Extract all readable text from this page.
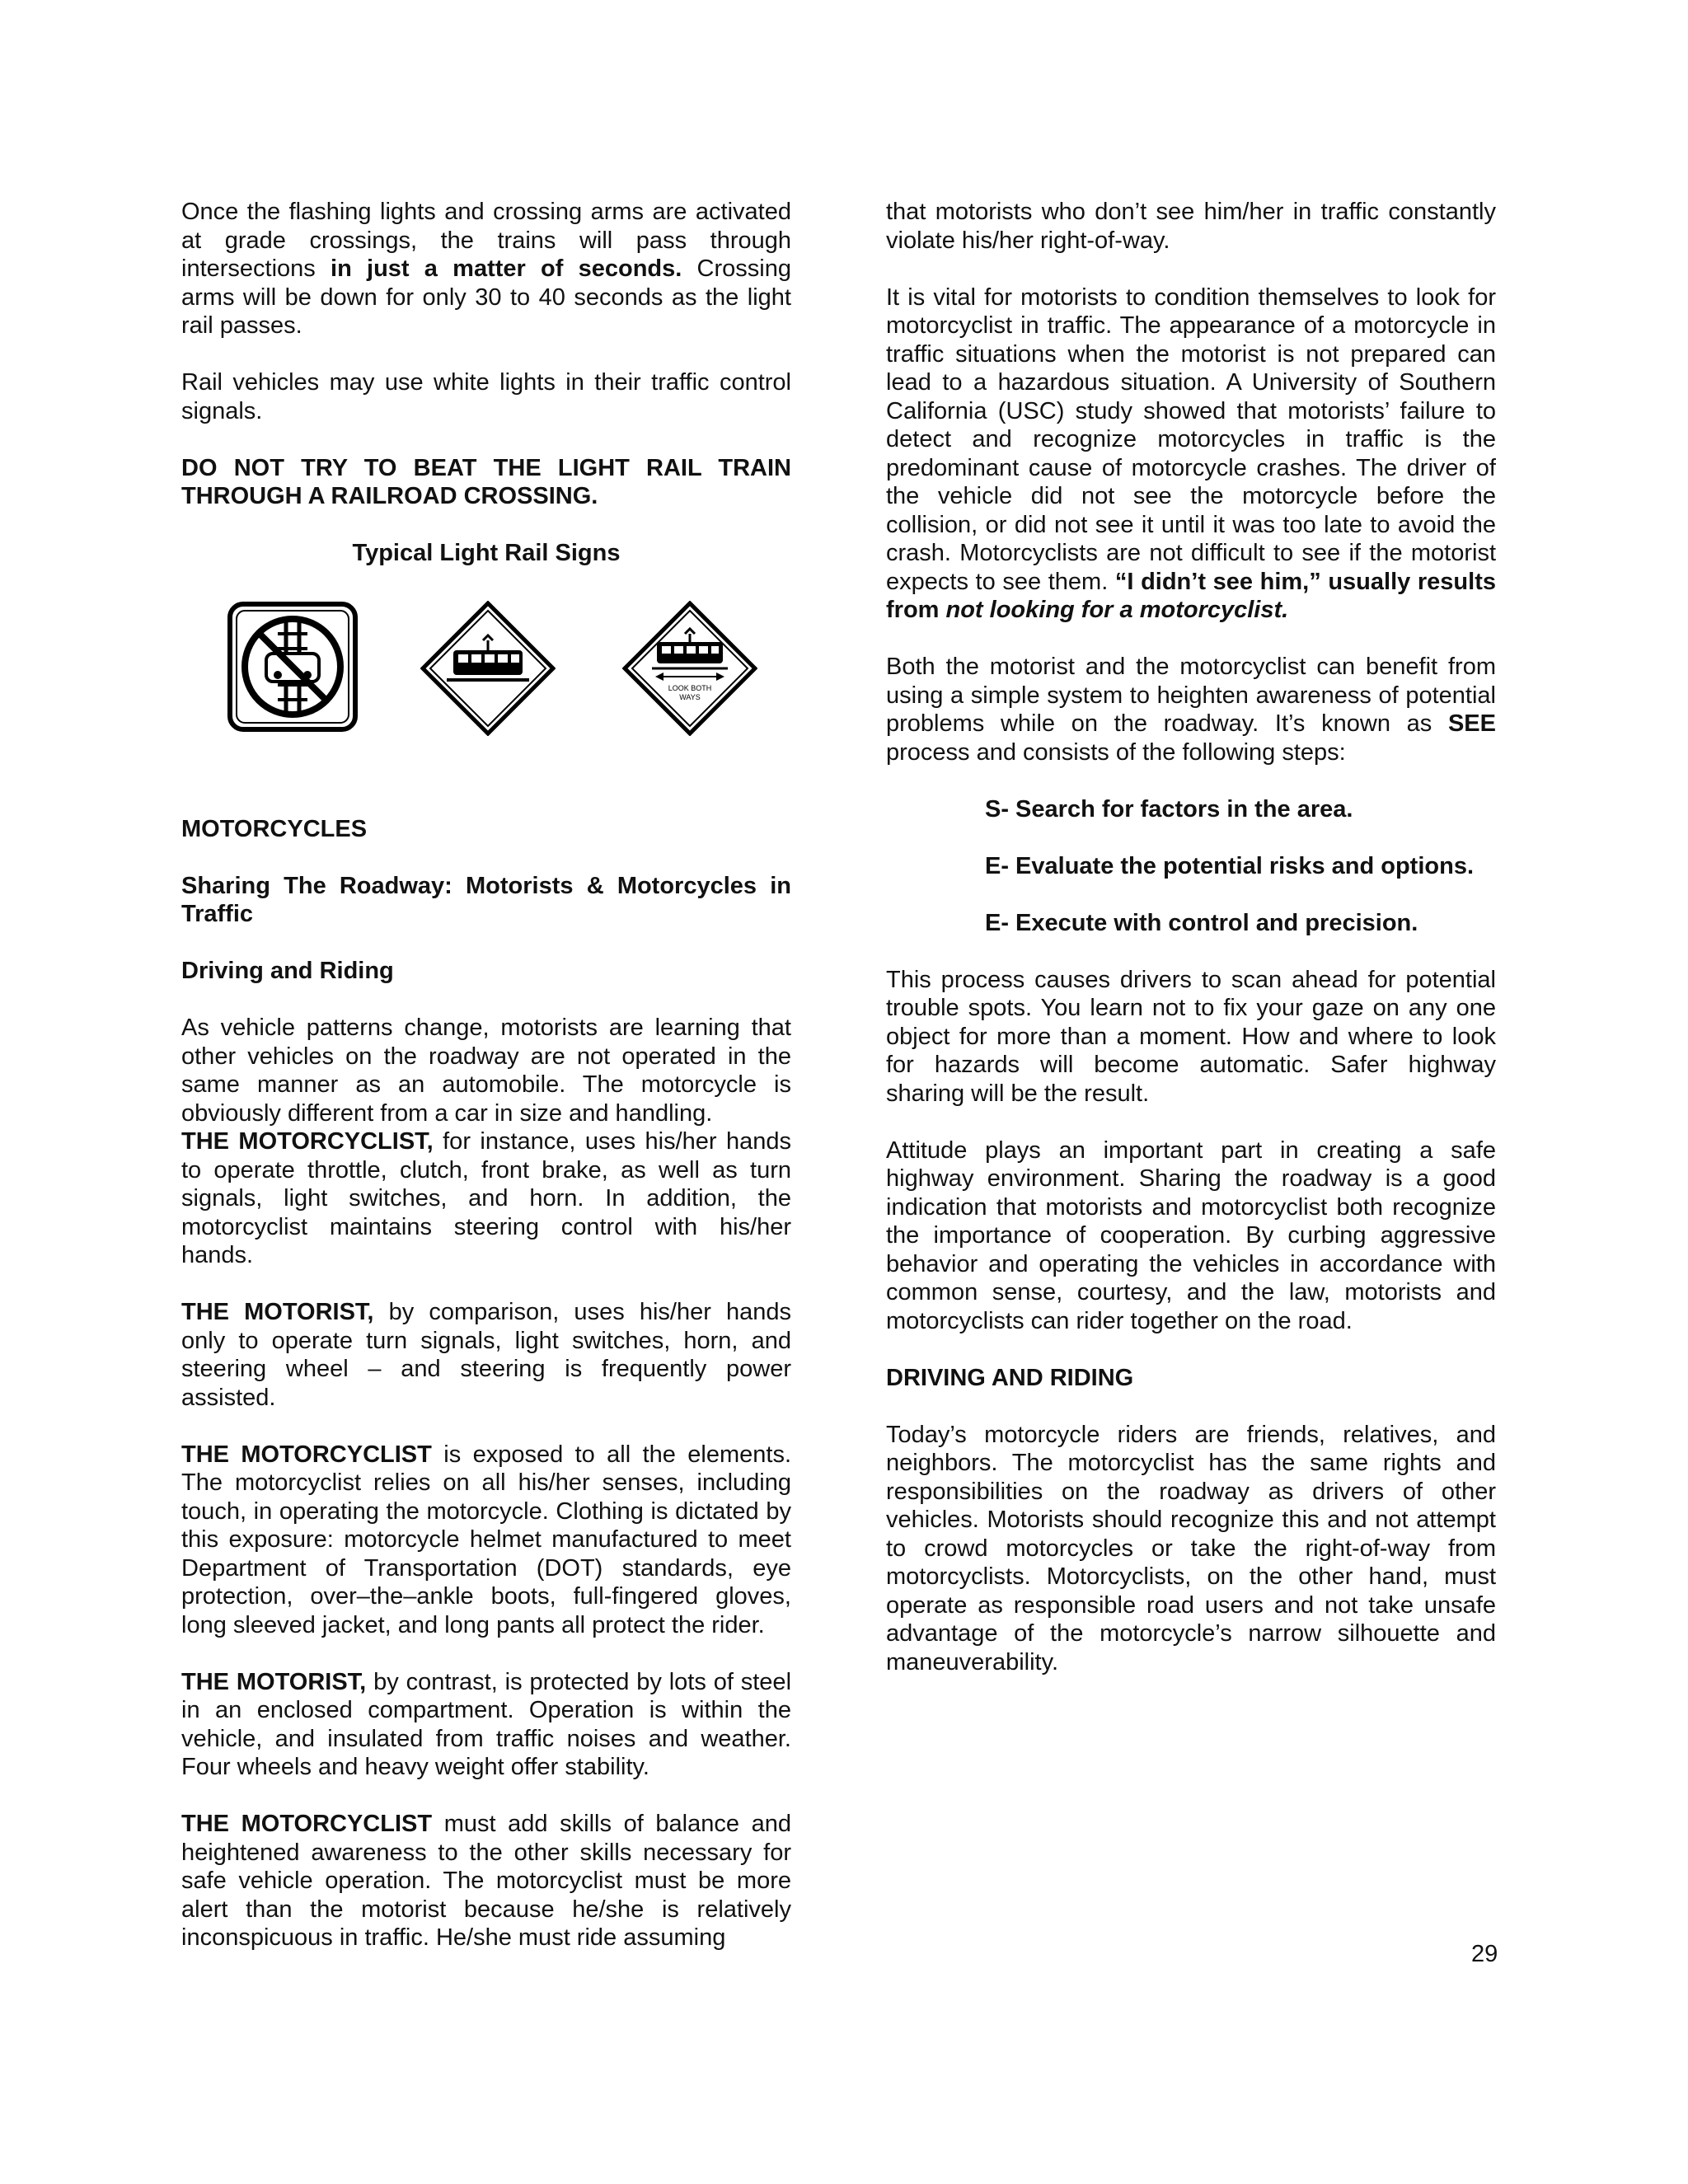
Once the flashing lights and crossing arms are activated at grade crossings, the trains will pass through intersections in just a matter of seconds. Crossing arms will be down for only 30 to 40 seconds as the light rail passes.

Rail vehicles may use white lights in their traffic control signals.

DO NOT TRY TO BEAT THE LIGHT RAIL TRAIN THROUGH A RAILROAD CROSSING.

Typical Light Rail Signs

LOOK BOTH
WAYS

MOTORCYCLES

Sharing The Roadway: Motorists & Motorcycles in Traffic

Driving and Riding

As vehicle patterns change, motorists are learning that other vehicles on the roadway are not operated in the same manner as an automobile. The motorcycle is obviously different from a car in size and handling.

THE MOTORCYCLIST, for instance, uses his/her hands to operate throttle, clutch, front brake, as well as turn signals, light switches, and horn. In addition, the motorcyclist maintains steering control with his/her hands.

THE MOTORIST, by comparison, uses his/her hands only to operate turn signals, light switches, horn, and steering wheel – and steering is frequently power assisted.

THE MOTORCYCLIST is exposed to all the elements. The motorcyclist relies on all his/her senses, including touch, in operating the motorcycle. Clothing is dictated by this exposure: motorcycle helmet manufactured to meet Department of Transportation (DOT) standards, eye protection, over–the–ankle boots, full-fingered gloves, long sleeved jacket, and long pants all protect the rider.

THE MOTORIST, by contrast, is protected by lots of steel in an enclosed compartment. Operation is within the vehicle, and insulated from traffic noises and weather. Four wheels and heavy weight offer stability.

THE MOTORCYCLIST must add skills of balance and heightened awareness to the other skills necessary for safe vehicle operation. The motorcyclist must be more alert than the motorist because he/she is relatively inconspicuous in traffic. He/she must ride assuming

that motorists who don’t see him/her in traffic constantly violate his/her right-of-way.

It is vital for motorists to condition themselves to look for motorcyclist in traffic. The appearance of a motorcycle in traffic situations when the motorist is not prepared can lead to a hazardous situation. A University of Southern California (USC) study showed that motorists’ failure to detect and recognize motorcycles in traffic is the predominant cause of motorcycle crashes. The driver of the vehicle did not see the motorcycle before the collision, or did not see it until it was too late to avoid the crash. Motorcyclists are not difficult to see if the motorist expects to see them. “I didn’t see him,” usually results from not looking for a motorcyclist.

Both the motorist and the motorcyclist can benefit from using a simple system to heighten awareness of potential problems while on the roadway. It’s known as SEE process and consists of the following steps:

S- Search for factors in the area.

E- Evaluate the potential risks and options.

E- Execute with control and precision.

This process causes drivers to scan ahead for potential trouble spots. You learn not to fix your gaze on any one object for more than a moment. How and where to look for hazards will become automatic. Safer highway sharing will be the result.

Attitude plays an important part in creating a safe highway environment. Sharing the roadway is a good indication that motorists and motorcyclist both recognize the importance of cooperation. By curbing aggressive behavior and operating the vehicles in accordance with common sense, courtesy, and the law, motorists and motorcyclists can rider together on the road.

DRIVING AND RIDING

Today’s motorcycle riders are friends, relatives, and neighbors. The motorcyclist has the same rights and responsibilities on the roadway as drivers of other vehicles. Motorists should recognize this and not attempt to crowd motorcycles or take the right-of-way from motorcyclists. Motorcyclists, on the other hand, must operate as responsible road users and not take unsafe advantage of the motorcycle’s narrow silhouette and maneuverability.

29
